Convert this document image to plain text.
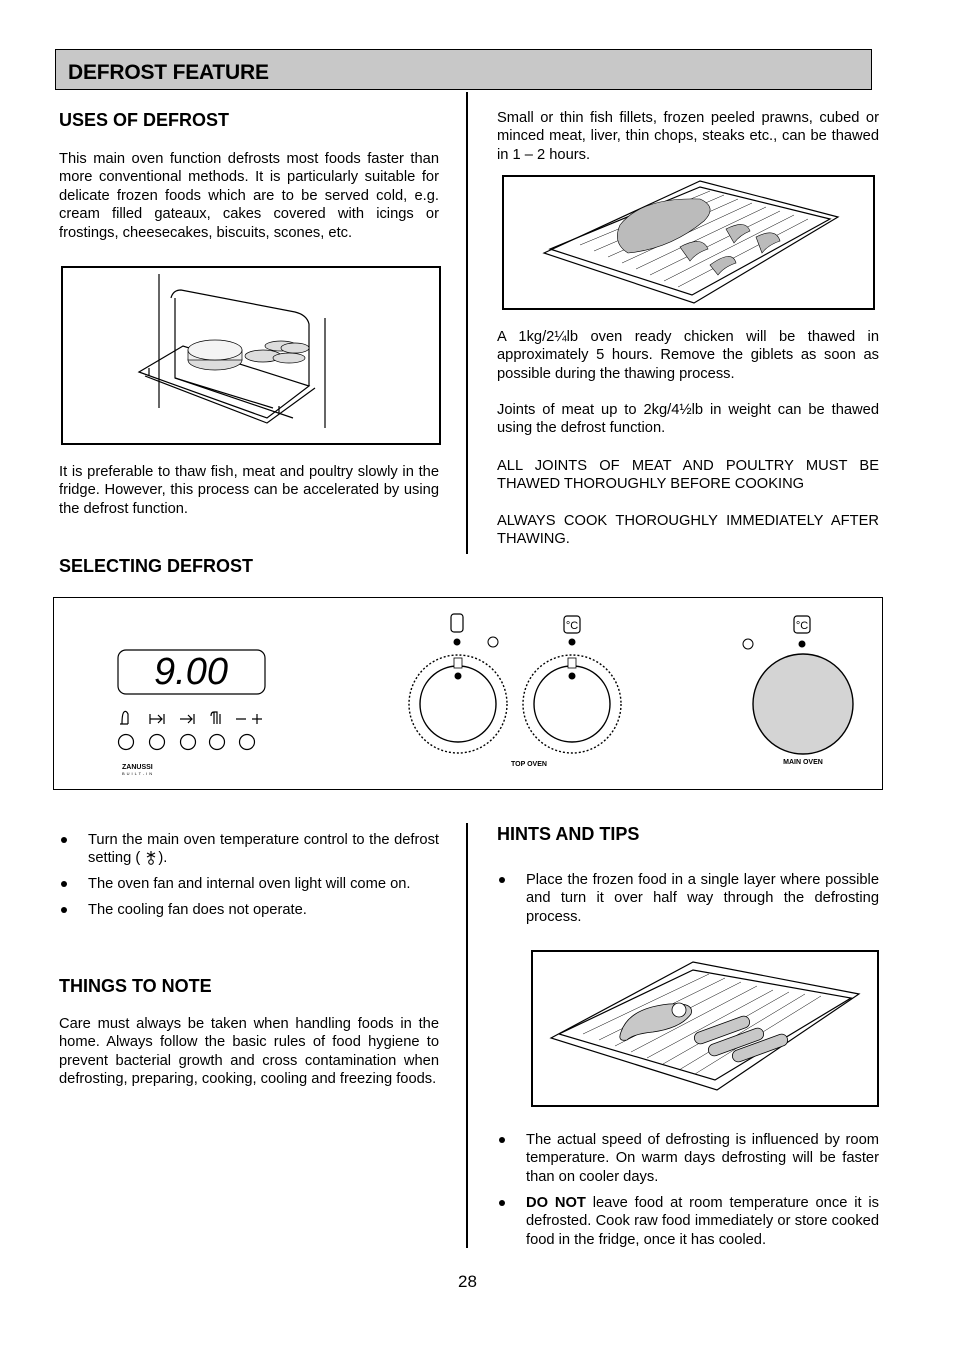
DEFROST FEATURE
USES OF DEFROST

This main oven function defrosts most foods faster than more conventional methods. It is particularly suitable for delicate frozen foods which are to be served cold, e.g. cream filled gateaux, cakes covered with icings or frostings, cheesecakes, biscuits, scones, etc.

It is preferable to thaw fish, meat and poultry slowly in the fridge. However, this process can be accelerated by using the defrost function.

Small or thin fish fillets, frozen peeled prawns, cubed or minced meat, liver, thin chops, steaks etc., can be thawed in 1 – 2 hours.

A 1kg/2¼lb oven ready chicken will be thawed in approximately 5 hours. Remove the giblets as soon as possible during the thawing process.

Joints of meat up to 2kg/4½lb in weight can be thawed using the defrost function.

ALL JOINTS OF MEAT AND POULTRY MUST BE THAWED THOROUGHLY BEFORE COOKING

ALWAYS COOK THOROUGHLY IMMEDIATELY AFTER THAWING.

SELECTING DEFROST
9.00
ZANUSSI
BUILT-IN
°C
TOP OVEN
°C
MAIN OVEN
Turn the main oven temperature control to the defrost setting ( ).
The oven fan and internal oven light will come on.
The cooling fan does not operate.
THINGS TO NOTE

Care must always be taken when handling foods in the home. Always follow the basic rules of food hygiene to prevent bacterial growth and cross contamination when defrosting, preparing, cooking, cooling and freezing foods.

HINTS AND TIPS
Place the frozen food in a single layer where possible and turn it over half way through the defrosting process.
The actual speed of defrosting is influenced by room temperature. On warm days defrosting will be faster than on cooler days.
DO NOT leave food at room temperature once it is defrosted. Cook raw food immediately or store cooked food in the fridge, once it has cooled.
28
